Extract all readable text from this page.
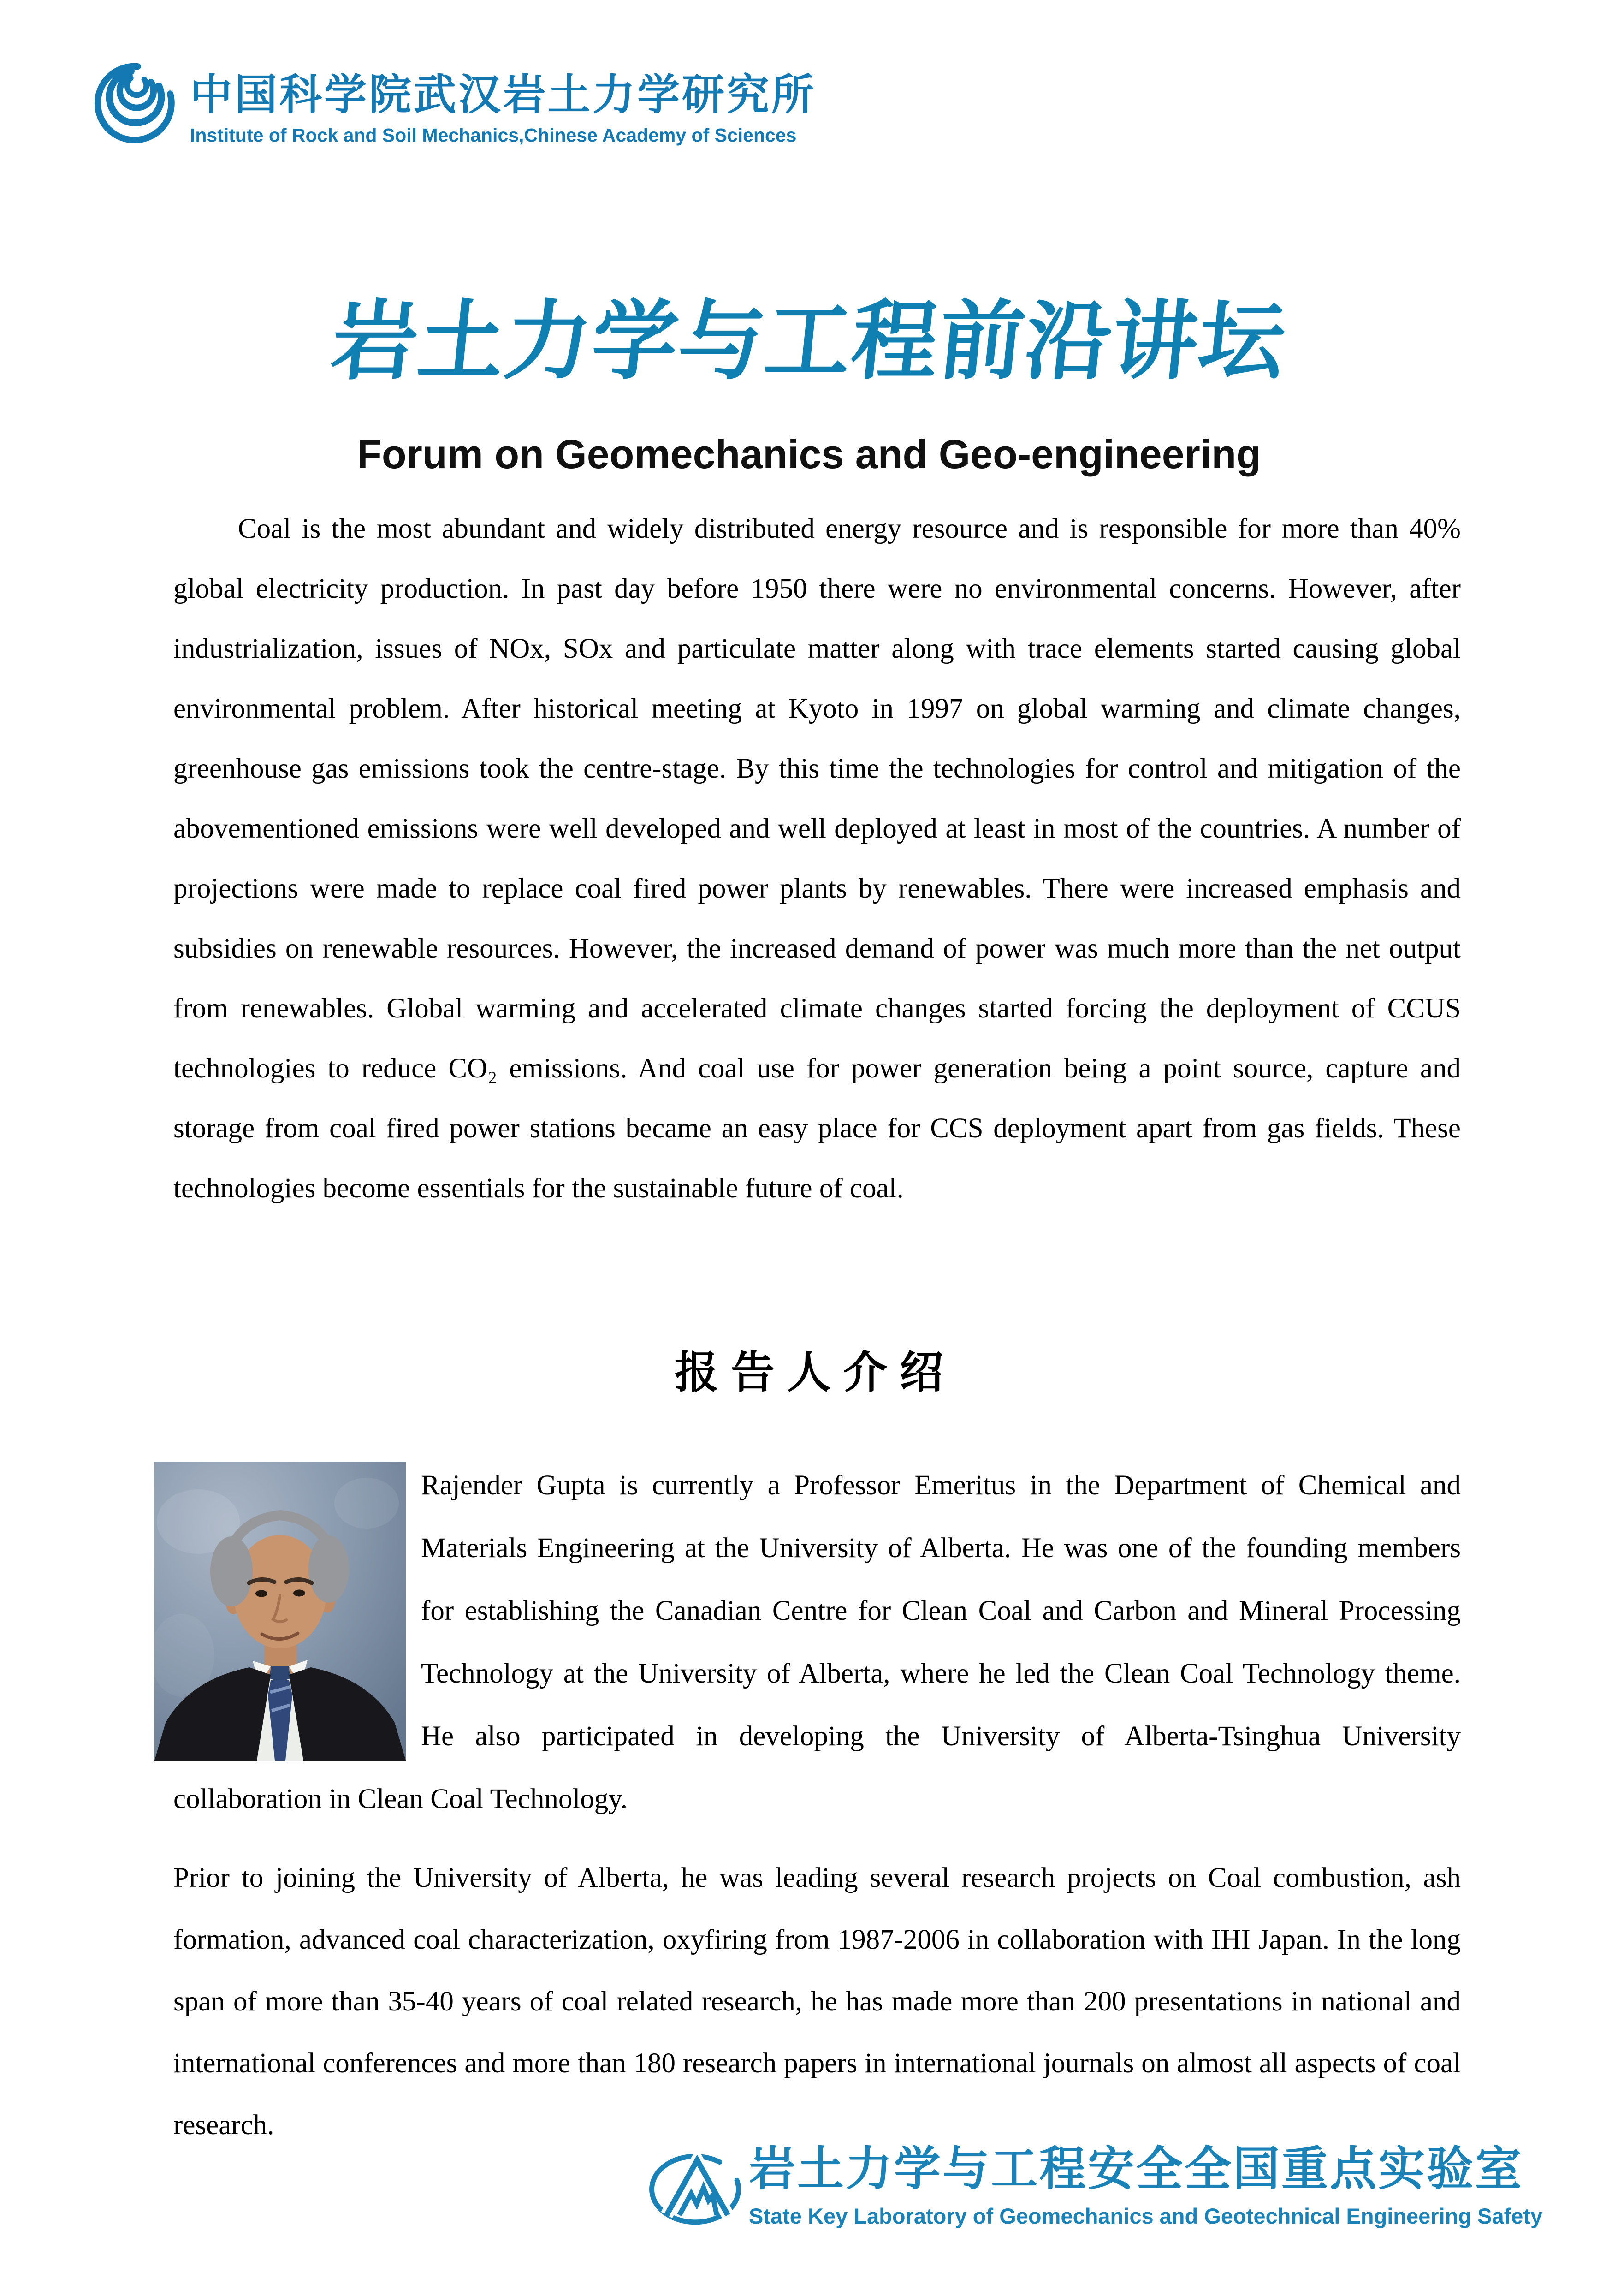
中国科学院武汉岩土力学研究所
Institute of Rock and Soil Mechanics,Chinese Academy of Sciences
岩土力学与工程前沿讲坛
Forum on Geomechanics and Geo-engineering

Coal is the most abundant and widely distributed energy resource and is responsible for more than 40% global electricity production. In past day before 1950 there were no environmental concerns. However, after industrialization, issues of NOx, SOx and particulate matter along with trace elements started causing global environmental problem. After historical meeting at Kyoto in 1997 on global warming and climate changes, greenhouse gas emissions took the centre-stage. By this time the technologies for control and mitigation of the abovementioned emissions were well developed and well deployed at least in most of the countries. A number of projections were made to replace coal fired power plants by renewables. There were increased emphasis and subsidies on renewable resources. However, the increased demand of power was much more than the net output from renewables. Global warming and accelerated climate changes started forcing the deployment of CCUS technologies to reduce CO₂ emissions. And coal use for power generation being a point source, capture and storage from coal fired power stations became an easy place for CCS deployment apart from gas fields. These technologies become essentials for the sustainable future of coal.

报告人介绍

Rajender Gupta is currently a Professor Emeritus in the Department of Chemical and Materials Engineering at the University of Alberta. He was one of the founding members for establishing the Canadian Centre for Clean Coal and Carbon and Mineral Processing Technology at the University of Alberta, where he led the Clean Coal Technology theme. He also participated in developing the University of Alberta-Tsinghua University collaboration in Clean Coal Technology.

Prior to joining the University of Alberta, he was leading several research projects on Coal combustion, ash formation, advanced coal characterization, oxyfiring from 1987-2006 in collaboration with IHI Japan. In the long span of more than 35-40 years of coal related research, he has made more than 200 presentations in national and international conferences and more than 180 research papers in international journals on almost all aspects of coal research.

岩土力学与工程安全全国重点实验室
State Key Laboratory of Geomechanics and Geotechnical Engineering Safety
